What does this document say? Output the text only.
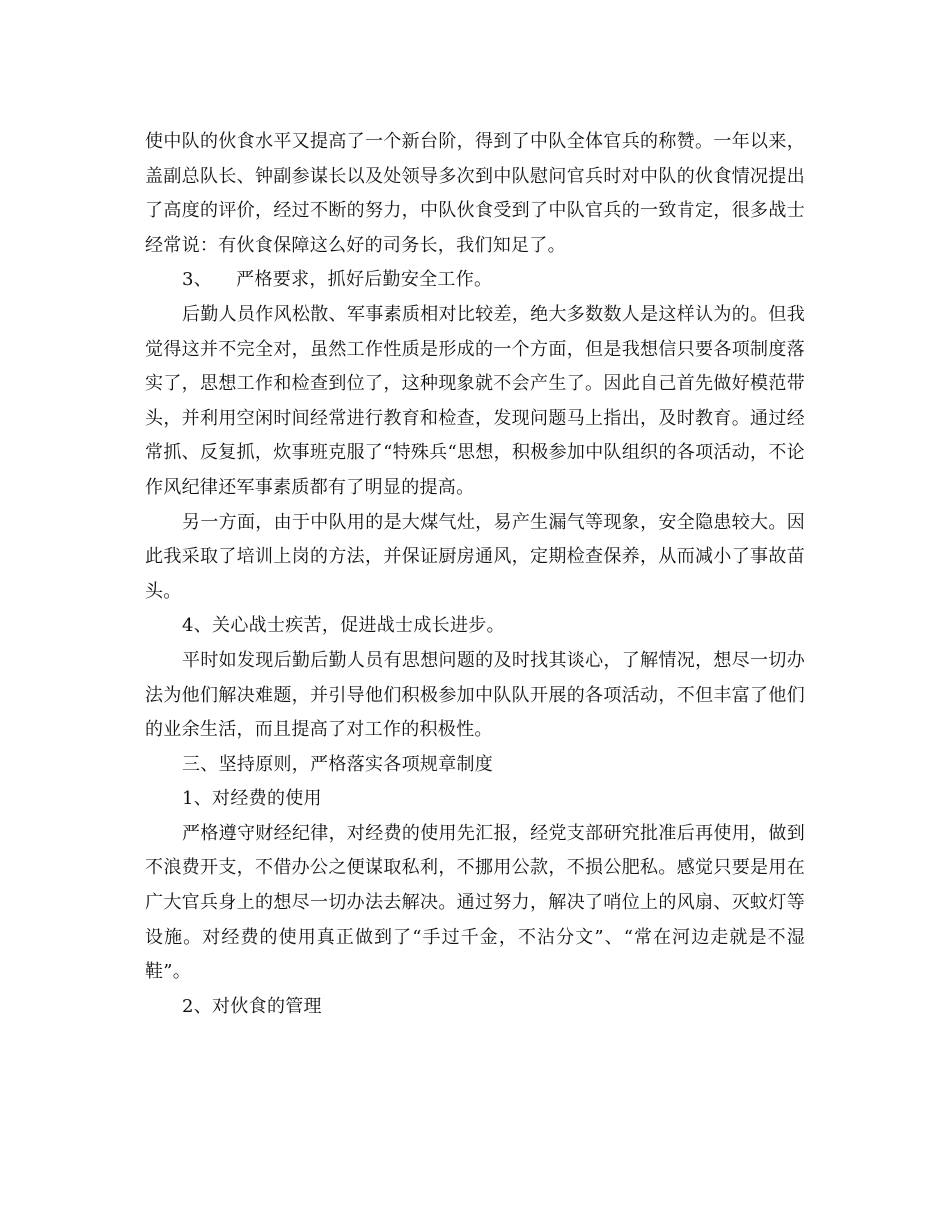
使中队的伙食水平又提高了一个新台阶，得到了中队全体官兵的称赞。一年以来，盖副总队长、钟副参谋长以及处领导多次到中队慰问官兵时对中队的伙食情况提出了高度的评价，经过不断的努力，中队伙食受到了中队官兵的一致肯定，很多战士经常说：有伙食保障这么好的司务长，我们知足了。

3、    严格要求，抓好后勤安全工作。

后勤人员作风松散、军事素质相对比较差，绝大多数数人是这样认为的。但我觉得这并不完全对，虽然工作性质是形成的一个方面，但是我想信只要各项制度落实了，思想工作和检查到位了，这种现象就不会产生了。因此自己首先做好模范带头，并利用空闲时间经常进行教育和检查，发现问题马上指出，及时教育。通过经常抓、反复抓，炊事班克服了“特殊兵“思想，积极参加中队组织的各项活动，不论作风纪律还军事素质都有了明显的提高。

另一方面，由于中队用的是大煤气灶，易产生漏气等现象，安全隐患较大。因此我采取了培训上岗的方法，并保证厨房通风，定期检查保养，从而减小了事故苗头。

4、关心战士疾苦，促进战士成长进步。

平时如发现后勤后勤人员有思想问题的及时找其谈心，了解情况，想尽一切办法为他们解决难题，并引导他们积极参加中队队开展的各项活动，不但丰富了他们的业余生活，而且提高了对工作的积极性。

三、坚持原则，严格落实各项规章制度

1、对经费的使用

严格遵守财经纪律，对经费的使用先汇报，经党支部研究批准后再使用，做到不浪费开支，不借办公之便谋取私利，不挪用公款，不损公肥私。感觉只要是用在广大官兵身上的想尽一切办法去解决。通过努力，解决了哨位上的风扇、灭蚊灯等设施。对经费的使用真正做到了“手过千金，不沾分文”、“常在河边走就是不湿鞋”。

2、对伙食的管理
